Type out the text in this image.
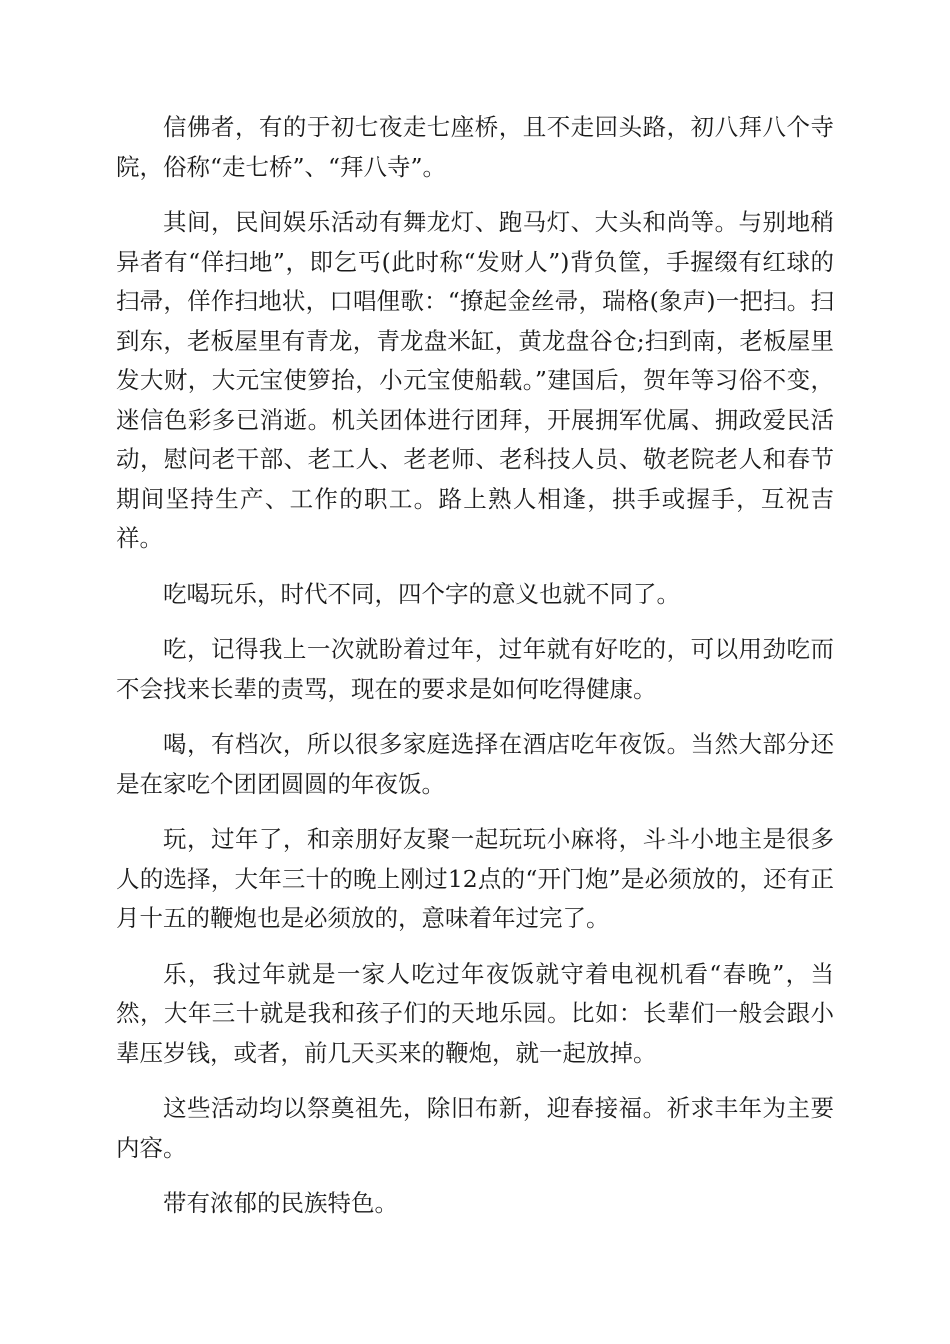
信佛者，有的于初七夜走七座桥，且不走回头路，初八拜八个寺院，俗称“走七桥”、“拜八寺”。

其间，民间娱乐活动有舞龙灯、跑马灯、大头和尚等。与别地稍异者有“佯扫地”，即乞丐(此时称“发财人”)背负筐，手握缀有红球的扫帚，佯作扫地状，口唱俚歌：“撩起金丝帚，瑞格(象声)一把扫。扫到东，老板屋里有青龙，青龙盘米缸，黄龙盘谷仓;扫到南，老板屋里发大财，大元宝使箩抬，小元宝使船载。”建国后，贺年等习俗不变，迷信色彩多已消逝。机关团体进行团拜，开展拥军优属、拥政爱民活动，慰问老干部、老工人、老老师、老科技人员、敬老院老人和春节期间坚持生产、工作的职工。路上熟人相逢，拱手或握手，互祝吉祥。

吃喝玩乐，时代不同，四个字的意义也就不同了。

吃，记得我上一次就盼着过年，过年就有好吃的，可以用劲吃而不会找来长辈的责骂，现在的要求是如何吃得健康。

喝，有档次，所以很多家庭选择在酒店吃年夜饭。当然大部分还是在家吃个团团圆圆的年夜饭。

玩，过年了，和亲朋好友聚一起玩玩小麻将，斗斗小地主是很多人的选择，大年三十的晚上刚过12点的“开门炮”是必须放的，还有正月十五的鞭炮也是必须放的，意味着年过完了。

乐，我过年就是一家人吃过年夜饭就守着电视机看“春晚”，当然，大年三十就是我和孩子们的天地乐园。比如：长辈们一般会跟小辈压岁钱，或者，前几天买来的鞭炮，就一起放掉。

这些活动均以祭奠祖先，除旧布新，迎春接福。祈求丰年为主要内容。

带有浓郁的民族特色。
